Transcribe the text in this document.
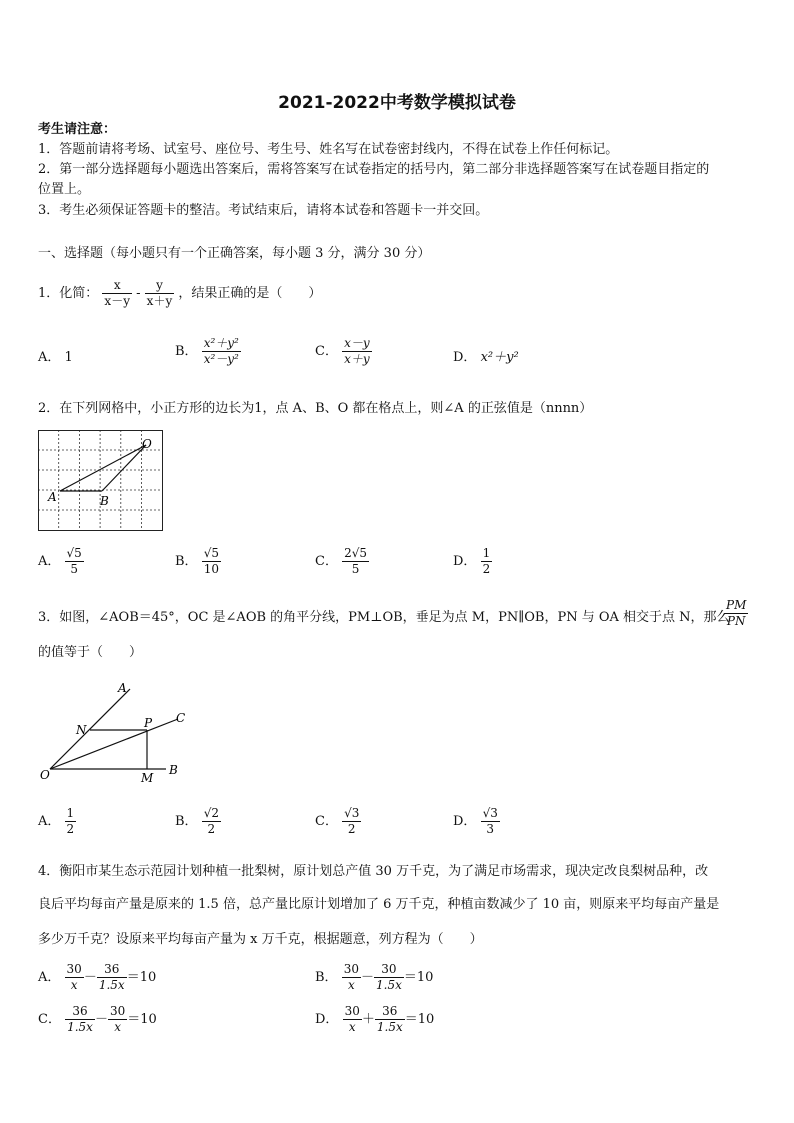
2021-2022中考数学模拟试卷
考生请注意：
1．答题前请将考场、试室号、座位号、考生号、姓名写在试卷密封线内，不得在试卷上作任何标记。
2．第一部分选择题每小题选出答案后，需将答案写在试卷指定的括号内，第二部分非选择题答案写在试卷题目指定的
位置上。
3．考生必须保证答题卡的整洁。考试结束后，请将本试卷和答题卡一并交回。
一、选择题（每小题只有一个正确答案，每小题 3 分，满分 30 分）
1．化简： $\frac{x}{x-y} - \frac{y}{x+y}$ ，结果正确的是（　　）
A． 1	B． $\frac{\text{x²＋y²}}{\text{x²－y²}}$	C． $\frac{x-y}{x+y}$	D． x²＋y²
2．在下列网格中，小正方形的边长为1，点 A、B、O 都在格点上，则∠A 的正弦值是（nnnn）
O
A	B
A． $\frac{√5}{5}$	B． $\frac{√5}{10}$	C． $\frac{2√5}{5}$	D． $\frac{1}{2}$
3．如图，∠AOB＝45°，OC 是∠AOB 的角平分线，PM⊥OB，垂足为点 M，PN∥OB，PN 与 OA 相交于点 N，那么
$\frac{PM}{PN}$
的值等于（　　）
A
C
N	P
O	M
B
A． $\frac{1}{2}$	B． $\frac{√2}{2}$	C． $\frac{√3}{2}$	D． $\frac{√3}{3}$
4．衡阳市某生态示范园计划种植一批梨树，原计划总产值 30 万千克，为了满足市场需求，现决定改良梨树品种，改
良后平均每亩产量是原来的 1.5 倍，总产量比原计划增加了 6 万千克，种植亩数减少了 10 亩，则原来平均每亩产量是
多少万千克？设原来平均每亩产量为 x 万千克，根据题意，列方程为（　　）
A． $\frac{30}{x} - \frac{36}{1.5x} =10$	B． $\frac{30}{x} - \frac{30}{1.5x} =10$
C． $\frac{36}{1.5x} - \frac{30}{x} =10$	D． $\frac{30}{x} + \frac{36}{1.5x} =10$
